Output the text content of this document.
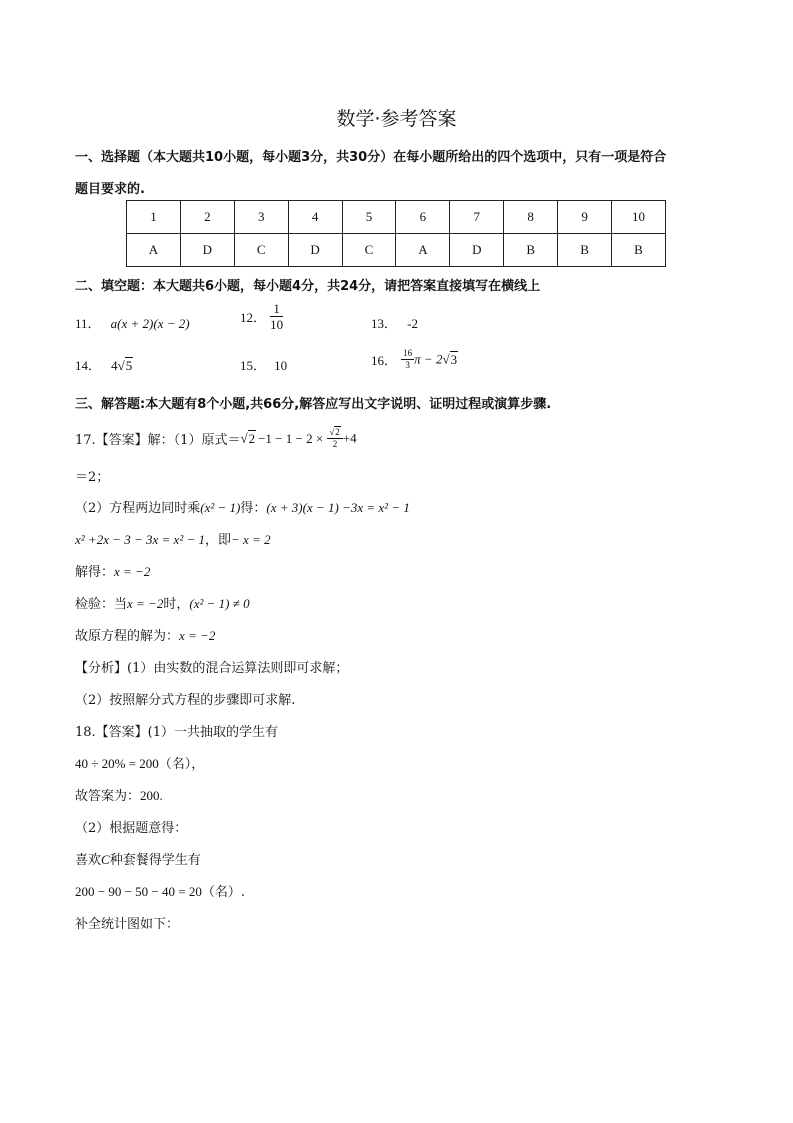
数学·参考答案
一、选择题（本大题共10小题，每小题3分，共30分）在每小题所给出的四个选项中，只有一项是符合
题目要求的.
1	2	3	4	5	6	7	8	9	10
A	D	C	D	C	A	D	B	B	B
二、填空题：本大题共6小题，每小题4分，共24分，请把答案直接填写在横线上
11． a(x + 2)(x − 2)	12． $\frac{1}{10}$	13． -2
14． 4√5	15． 10	16． $\frac{16}{3}$ π − 2√3
三、解答题:本大题有8个小题,共66分,解答应写出文字说明、证明过程或演算步骤.
17.【答案】解：（1）原式$=√2 -1 - 1 - 2 \times \frac{√2}{2} +4$
＝2；
（2）方程两边同时乘(x² − 1)得：(x + 3)(x − 1) −3x = x² − 1
x² +2x − 3 − 3x = x² − 1，即− x = 2
解得：x = −2
检验：当x = −2时，(x² − 1) ≠ 0
故原方程的解为：x = −2
【分析】(1）由实数的混合运算法则即可求解；
（2）按照解分式方程的步骤即可求解.
18.【答案】(1）一共抽取的学生有
40 ÷ 20% = 200（名），
故答案为：200.
（2）根据题意得：
喜欢C种套餐得学生有
200 − 90 − 50 − 40 = 20（名）.
补全统计图如下：
